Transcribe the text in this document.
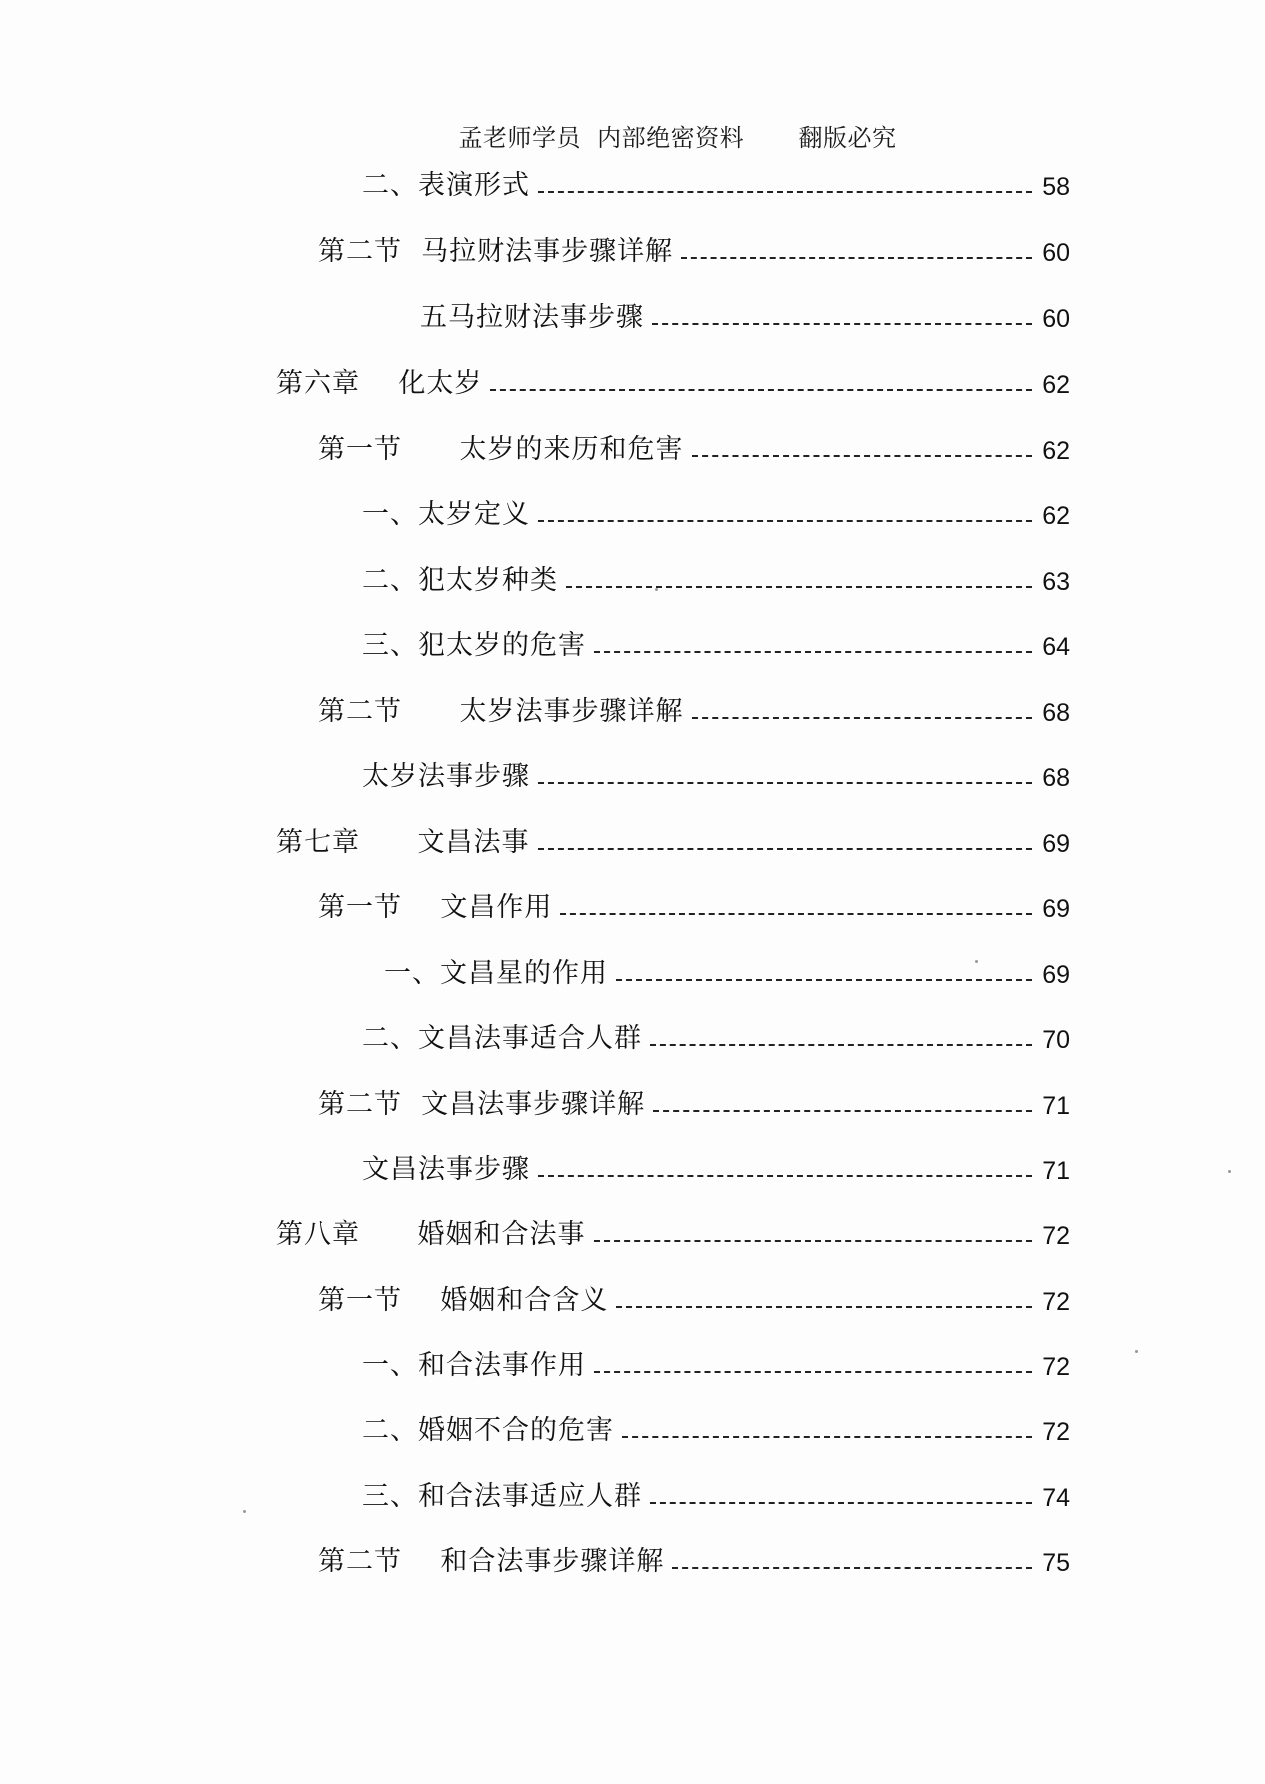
孟老师学员 内部绝密资料 翻版必究
二、表演形式	58
第二节  马拉财法事步骤详解	60
五马拉财法事步骤	60
第六章    化太岁	62
第一节      太岁的来历和危害	62
一、太岁定义	62
二、犯太岁种类	63
三、犯太岁的危害	64
第二节      太岁法事步骤详解	68
太岁法事步骤	68
第七章      文昌法事	69
第一节    文昌作用	69
一、文昌星的作用	69
二、文昌法事适合人群	70
第二节  文昌法事步骤详解	71
文昌法事步骤	71
第八章      婚姻和合法事	72
第一节    婚姻和合含义	72
一、和合法事作用	72
二、婚姻不合的危害	72
三、和合法事适应人群	74
第二节    和合法事步骤详解	75
